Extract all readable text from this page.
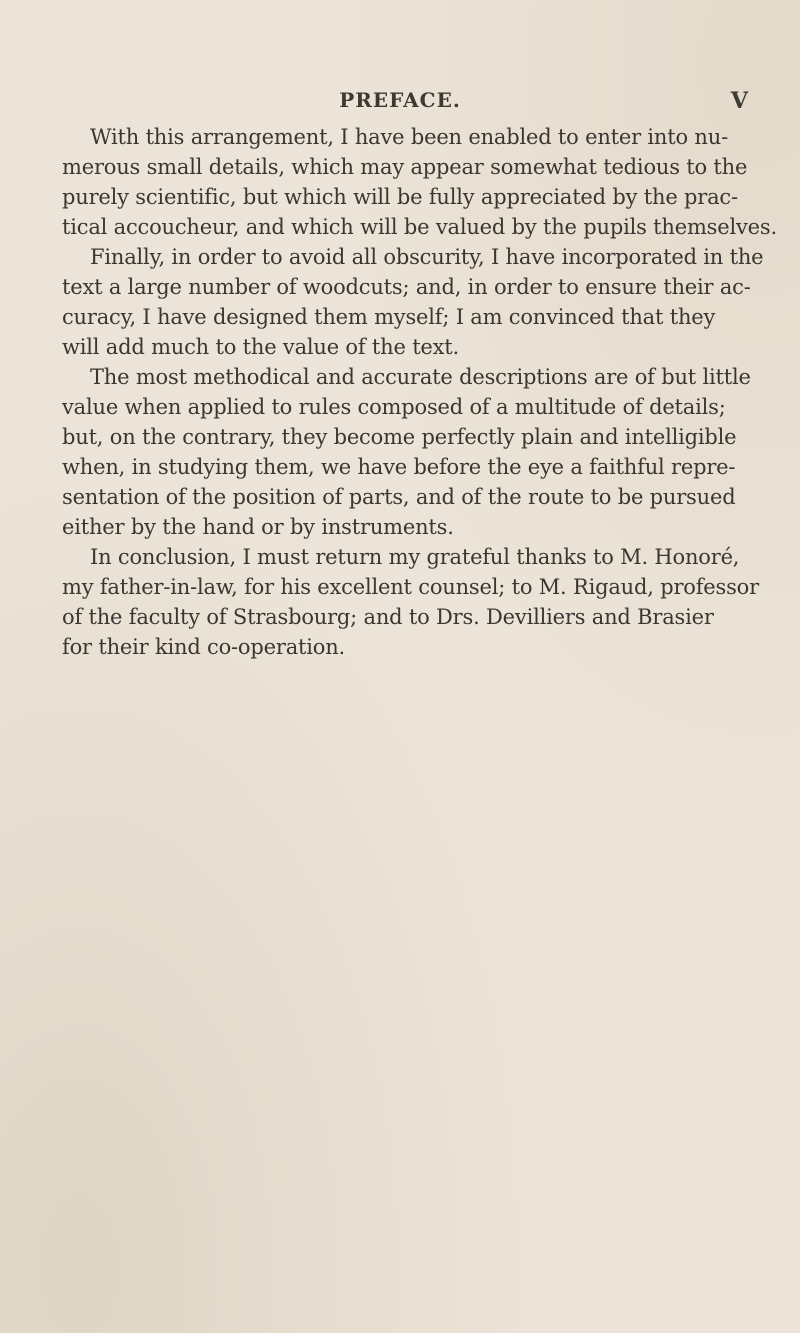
PREFACE.	V
With this arrangement, I have been enabled to enter into nu-
merous small details, which may appear somewhat tedious to the
purely scientific, but which will be fully appreciated by the prac-
tical accoucheur, and which will be valued by the pupils themselves.
Finally, in order to avoid all obscurity, I have incorporated in the
text a large number of woodcuts; and, in order to ensure their ac-
curacy, I have designed them myself; I am convinced that they
will add much to the value of the text.
The most methodical and accurate descriptions are of but little
value when applied to rules composed of a multitude of details;
but, on the contrary, they become perfectly plain and intelligible
when, in studying them, we have before the eye a faithful repre-
sentation of the position of parts, and of the route to be pursued
either by the hand or by instruments.
In conclusion, I must return my grateful thanks to M. Honoré,
my father-in-law, for his excellent counsel; to M. Rigaud, professor
of the faculty of Strasbourg; and to Drs. Devilliers and Brasier
for their kind co-operation.
